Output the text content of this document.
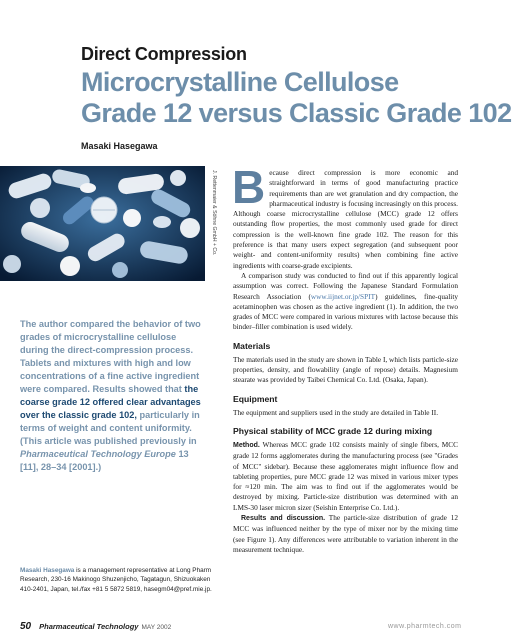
Direct Compression
Microcrystalline Cellulose
Grade 12 versus Classic Grade 102
Masaki Hasegawa
J. Rettenmaier & Söhne GmbH + Co.
The author compared the behavior of two grades of microcrystalline cellulose during the direct-compression process. Tablets and mixtures with high and low concentrations of a fine active ingredient were compared. Results showed that the coarse grade 12 offered clear advantages over the classic grade 102, particularly in terms of weight and content uniformity.
(This article was published previously in Pharmaceutical Technology Europe 13 [11], 28–34 [2001].)
Masaki Hasegawa is a management representative at Long Pharm Research, 230-16 Makinogo Shuzenjicho, Tagatagun, Shizuokaken 410-2401, Japan, tel./fax +81 5 5872 5819, hasegm04@pref.mie.jp.
50 Pharmaceutical Technology MAY 2002	www.pharmtech.com

Because direct compression is more economic and straightforward in terms of good manufacturing practice requirements than are wet granulation and dry compaction, the pharmaceutical industry is focusing increasingly on this process. Although coarse microcrystalline cellulose (MCC) grade 12 offers outstanding flow properties, the most commonly used grade for direct compression is the well-known fine grade 102. The reason for this preference is that many users expect segregation (and subsequent poor weight- and content-uniformity results) when combining fine active ingredients with coarse-grade excipients.

A comparison study was conducted to find out if this apparently logical assumption was correct. Following the Japanese Standard Formulation Research Association (www.iijnet.or.jp/SPIT) guidelines, fine-quality acetaminophen was chosen as the active ingredient (1). In addition, the two grades of MCC were compared in various mixtures with lactose because this binder–filler combination is used widely.

Materials

The materials used in the study are shown in Table I, which lists particle-size properties, density, and flowability (angle of repose) details. Magnesium stearate was provided by Taibei Chemical Co. Ltd. (Osaka, Japan).

Equipment

The equipment and suppliers used in the study are detailed in Table II.

Physical stability of MCC grade 12 during mixing

Method. Whereas MCC grade 102 consists mainly of single fibers, MCC grade 12 forms agglomerates during the manufacturing process (see "Grades of MCC" sidebar). Because these agglomerates might influence flow and tableting properties, pure MCC grade 12 was mixed in various mixer types for ≈120 min. The aim was to find out if the agglomerates would be destroyed by mixing. Particle-size distribution was determined with an LMS-30 laser micron sizer (Seishin Enterprise Co. Ltd.).

Results and discussion. The particle-size distribution of grade 12 MCC was influenced neither by the type of mixer nor by the mixing time (see Figure 1). Any differences were attributable to variation inherent in the measurement technique.
